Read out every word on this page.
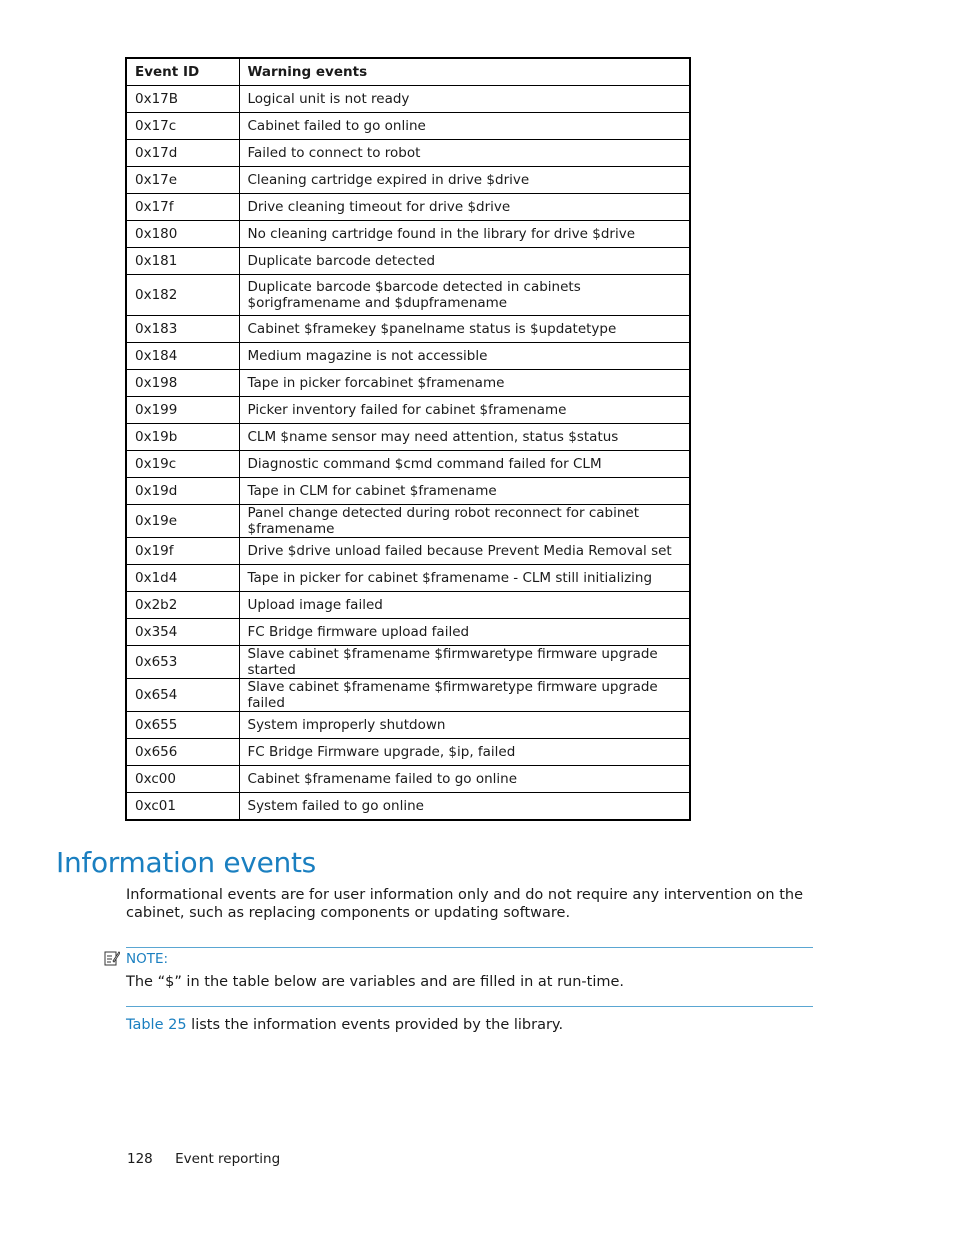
Event ID	Warning events
0x17B	Logical unit is not ready
0x17c	Cabinet failed to go online
0x17d	Failed to connect to robot
0x17e	Cleaning cartridge expired in drive $drive
0x17f	Drive cleaning timeout for drive $drive
0x180	No cleaning cartridge found in the library for drive $drive
0x181	Duplicate barcode detected
0x182	Duplicate barcode $barcode detected in cabinets $origframename and $dupframename
0x183	Cabinet $framekey $panelname status is $updatetype
0x184	Medium magazine is not accessible
0x198	Tape in picker forcabinet $framename
0x199	Picker inventory failed for cabinet $framename
0x19b	CLM $name sensor may need attention, status $status
0x19c	Diagnostic command $cmd command failed for CLM
0x19d	Tape in CLM for cabinet $framename
0x19e	Panel change detected during robot reconnect for cabinet $framename
0x19f	Drive $drive unload failed because Prevent Media Removal set
0x1d4	Tape in picker for cabinet $framename - CLM still initializing
0x2b2	Upload image failed
0x354	FC Bridge firmware upload failed
0x653	Slave cabinet $framename $firmwaretype firmware upgrade started
0x654	Slave cabinet $framename $firmwaretype firmware upgrade failed
0x655	System improperly shutdown
0x656	FC Bridge Firmware upgrade, $ip, failed
0xc00	Cabinet $framename failed to go online
0xc01	System failed to go online
Information events

Informational events are for user information only and do not require any intervention on the cabinet, such as replacing components or updating software.

NOTE:
The “$” in the table below are variables and are filled in at run-time.

Table 25 lists the information events provided by the library.

128 Event reporting
